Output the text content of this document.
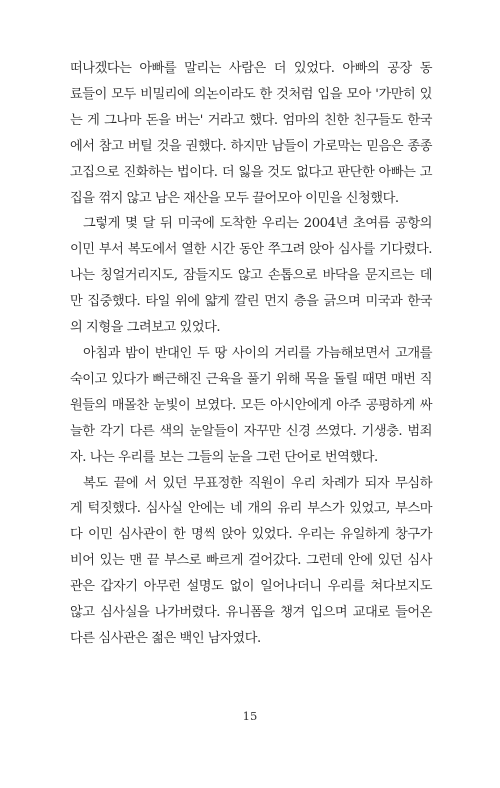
떠나겠다는 아빠를 말리는 사람은 더 있었다. 아빠의 공장 동
료들이 모두 비밀리에 의논이라도 한 것처럼 입을 모아 '가만히 있
는 게 그나마 돈을 버는' 거라고 했다. 엄마의 친한 친구들도 한국
에서 참고 버틸 것을 권했다. 하지만 남들이 가로막는 믿음은 종종
고집으로 진화하는 법이다. 더 잃을 것도 없다고 판단한 아빠는 고
집을 꺾지 않고 남은 재산을 모두 끌어모아 이민을 신청했다.
그렇게 몇 달 뒤 미국에 도착한 우리는 2004년 초여름 공항의
이민 부서 복도에서 열한 시간 동안 쭈그려 앉아 심사를 기다렸다.
나는 칭얼거리지도, 잠들지도 않고 손톱으로 바닥을 문지르는 데
만 집중했다. 타일 위에 얇게 깔린 먼지 층을 긁으며 미국과 한국
의 지형을 그려보고 있었다.
아침과 밤이 반대인 두 땅 사이의 거리를 가늠해보면서 고개를
숙이고 있다가 뻐근해진 근육을 풀기 위해 목을 돌릴 때면 매번 직
원들의 매몰찬 눈빛이 보였다. 모든 아시안에게 아주 공평하게 싸
늘한 각기 다른 색의 눈알들이 자꾸만 신경 쓰였다. 기생충. 범죄
자. 나는 우리를 보는 그들의 눈을 그런 단어로 번역했다.
복도 끝에 서 있던 무표정한 직원이 우리 차례가 되자 무심하
게 턱짓했다. 심사실 안에는 네 개의 유리 부스가 있었고, 부스마
다 이민 심사관이 한 명씩 앉아 있었다. 우리는 유일하게 창구가
비어 있는 맨 끝 부스로 빠르게 걸어갔다. 그런데 안에 있던 심사
관은 갑자기 아무런 설명도 없이 일어나더니 우리를 쳐다보지도
않고 심사실을 나가버렸다. 유니폼을 챙겨 입으며 교대로 들어온
다른 심사관은 젊은 백인 남자였다.
15
